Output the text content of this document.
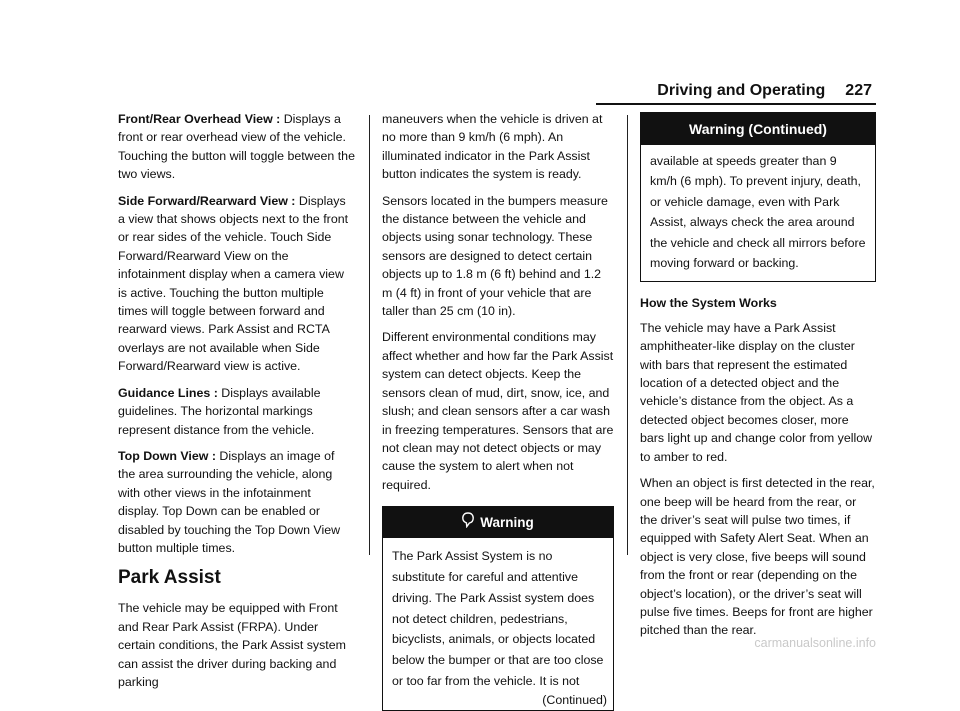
Driving and Operating 227

Front/Rear Overhead View : Displays a front or rear overhead view of the vehicle. Touching the button will toggle between the two views.

Side Forward/Rearward View : Displays a view that shows objects next to the front or rear sides of the vehicle. Touch Side Forward/Rearward View on the infotainment display when a camera view is active. Touching the button multiple times will toggle between forward and rearward views. Park Assist and RCTA overlays are not available when Side Forward/Rearward view is active.

Guidance Lines : Displays available guidelines. The horizontal markings represent distance from the vehicle.

Top Down View : Displays an image of the area surrounding the vehicle, along with other views in the infotainment display. Top Down can be enabled or disabled by touching the Top Down View button multiple times.

Park Assist

The vehicle may be equipped with Front and Rear Park Assist (FRPA). Under certain conditions, the Park Assist system can assist the driver during backing and parking

maneuvers when the vehicle is driven at no more than 9 km/h (6 mph). An illuminated indicator in the Park Assist button indicates the system is ready.

Sensors located in the bumpers measure the distance between the vehicle and objects using sonar technology. These sensors are designed to detect certain objects up to 1.8 m (6 ft) behind and 1.2 m (4 ft) in front of your vehicle that are taller than 25 cm (10 in).

Different environmental conditions may affect whether and how far the Park Assist system can detect objects. Keep the sensors clean of mud, dirt, snow, ice, and slush; and clean sensors after a car wash in freezing temperatures. Sensors that are not clean may not detect objects or may cause the system to alert when not required.

Warning
The Park Assist System is no substitute for careful and attentive driving. The Park Assist system does not detect children, pedestrians, bicyclists, animals, or objects located below the bumper or that are too close or too far from the vehicle. It is not
(Continued)
Warning (Continued)
available at speeds greater than 9 km/h (6 mph). To prevent injury, death, or vehicle damage, even with Park Assist, always check the area around the vehicle and check all mirrors before moving forward or backing.

How the System Works

The vehicle may have a Park Assist amphitheater-like display on the cluster with bars that represent the estimated location of a detected object and the vehicle’s distance from the object. As a detected object becomes closer, more bars light up and change color from yellow to amber to red.

When an object is first detected in the rear, one beep will be heard from the rear, or the driver’s seat will pulse two times, if equipped with Safety Alert Seat. When an object is very close, five beeps will sound from the front or rear (depending on the object’s location), or the driver’s seat will pulse five times. Beeps for front are higher pitched than the rear.

carmanualsonline.info
